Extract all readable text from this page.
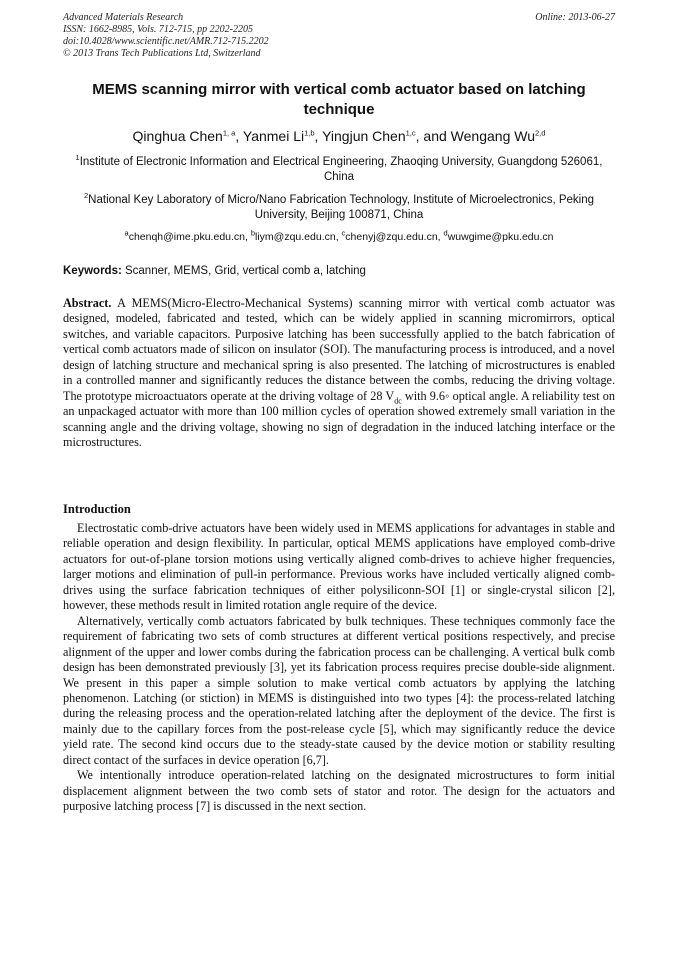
Advanced Materials Research
ISSN: 1662-8985, Vols. 712-715, pp 2202-2205
doi:10.4028/www.scientific.net/AMR.712-715.2202
© 2013 Trans Tech Publications Ltd, Switzerland
Online: 2013-06-27
MEMS scanning mirror with vertical comb actuator based on latching technique
Qinghua Chen$^{1, a}$, Yanmei Li$^{1,b}$, Yingjun Chen$^{1,c}$, and Wengang Wu$^{2,d}$
$^1$Institute of Electronic Information and Electrical Engineering, Zhaoqing University, Guangdong 526061, China
$^2$National Key Laboratory of Micro/Nano Fabrication Technology, Institute of Microelectronics, Peking University, Beijing 100871, China
$^a$chenqh@ime.pku.edu.cn, $^b$liym@zqu.edu.cn, $^c$chenyj@zqu.edu.cn, $^d$wuwgime@pku.edu.cn
Keywords: Scanner, MEMS, Grid, vertical comb a, latching
Abstract. A MEMS(Micro-Electro-Mechanical Systems) scanning mirror with vertical comb actuator was designed, modeled, fabricated and tested, which can be widely applied in scanning micromirrors, optical switches, and variable capacitors. Purposive latching has been successfully applied to the batch fabrication of vertical comb actuators made of silicon on insulator (SOI). The manufacturing process is introduced, and a novel design of latching structure and mechanical spring is also presented. The latching of microstructures is enabled in a controlled manner and significantly reduces the distance between the combs, reducing the driving voltage. The prototype microactuators operate at the driving voltage of 28 $V_{dc}$ with 9.6◦ optical angle. A reliability test on an unpackaged actuator with more than 100 million cycles of operation showed extremely small variation in the scanning angle and the driving voltage, showing no sign of degradation in the induced latching interface or the microstructures.
Introduction

Electrostatic comb-drive actuators have been widely used in MEMS applications for advantages in stable and reliable operation and design flexibility. In particular, optical MEMS applications have employed comb-drive actuators for out-of-plane torsion motions using vertically aligned comb-drives to achieve higher frequencies, larger motions and elimination of pull-in performance. Previous works have included vertically aligned comb-drives using the surface fabrication techniques of either polysiliconn-SOI [1] or single-crystal silicon [2], however, these methods result in limited rotation angle require of the device.

Alternatively, vertically comb actuators fabricated by bulk techniques. These techniques commonly face the requirement of fabricating two sets of comb structures at different vertical positions respectively, and precise alignment of the upper and lower combs during the fabrication process can be challenging. A vertical bulk comb design has been demonstrated previously [3], yet its fabrication process requires precise double-side alignment. We present in this paper a simple solution to make vertical comb actuators by applying the latching phenomenon. Latching (or stiction) in MEMS is distinguished into two types [4]: the process-related latching during the releasing process and the operation-related latching after the deployment of the device. The first is mainly due to the capillary forces from the post-release cycle [5], which may significantly reduce the device yield rate. The second kind occurs due to the steady-state caused by the device motion or stability resulting direct contact of the surfaces in device operation [6,7].

We intentionally introduce operation-related latching on the designated microstructures to form initial displacement alignment between the two comb sets of stator and rotor. The design for the actuators and purposive latching process [7] is discussed in the next section.
